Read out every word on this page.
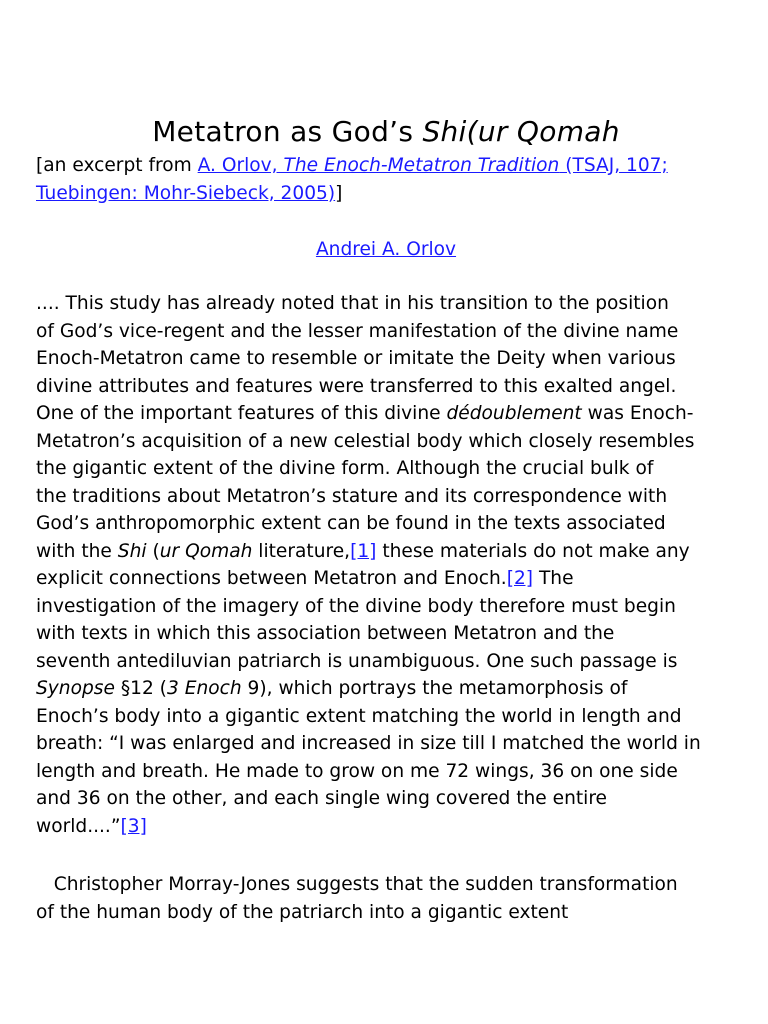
Metatron as God’s Shi(ur Qomah

[an excerpt from A. Orlov, The Enoch-Metatron Tradition (TSAJ, 107;
Tuebingen: Mohr-Siebeck, 2005)]

Andrei A. Orlov

.... This study has already noted that in his transition to the position
of God’s vice-regent and the lesser manifestation of the divine name
Enoch-Metatron came to resemble or imitate the Deity when various
divine attributes and features were transferred to this exalted angel.
One of the important features of this divine dédoublement was Enoch-
Metatron’s acquisition of a new celestial body which closely resembles
the gigantic extent of the divine form. Although the crucial bulk of
the traditions about Metatron’s stature and its correspondence with
God’s anthropomorphic extent can be found in the texts associated
with the Shi (ur Qomah literature,[1] these materials do not make any
explicit connections between Metatron and Enoch.[2] The
investigation of the imagery of the divine body therefore must begin
with texts in which this association between Metatron and the
seventh antediluvian patriarch is unambiguous. One such passage is
Synopse §12 (3 Enoch 9), which portrays the metamorphosis of
Enoch’s body into a gigantic extent matching the world in length and
breath: “I was enlarged and increased in size till I matched the world in
length and breath. He made to grow on me 72 wings, 36 on one side
and 36 on the other, and each single wing covered the entire
world....”[3]

Christopher Morray-Jones suggests that the sudden transformation
of the human body of the patriarch into a gigantic extent
